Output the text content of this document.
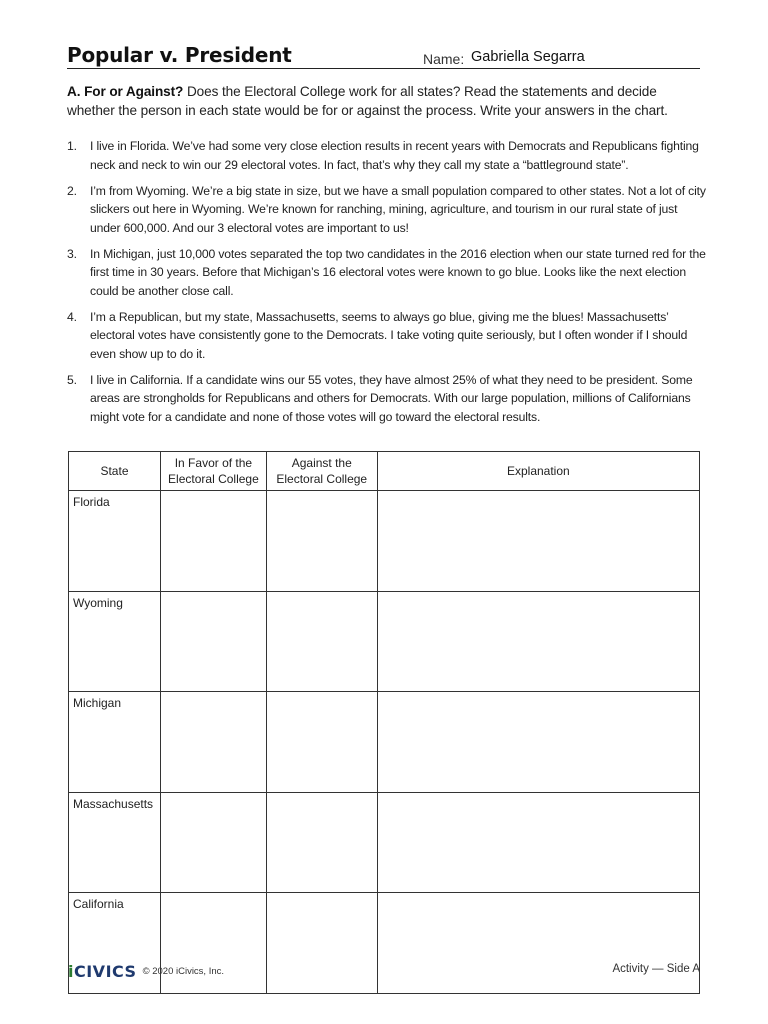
Popular v. President	Name: Gabriella Segarra
A. For or Against? Does the Electoral College work for all states? Read the statements and decide whether the person in each state would be for or against the process. Write your answers in the chart.
1. I live in Florida. We’ve had some very close election results in recent years with Democrats and Republicans fighting neck and neck to win our 29 electoral votes. In fact, that’s why they call my state a “battleground state”.
2. I’m from Wyoming. We’re a big state in size, but we have a small population compared to other states. Not a lot of city slickers out here in Wyoming. We’re known for ranching, mining, agriculture, and tourism in our rural state of just under 600,000. And our 3 electoral votes are important to us!
3. In Michigan, just 10,000 votes separated the top two candidates in the 2016 election when our state turned red for the first time in 30 years. Before that Michigan’s 16 electoral votes were known to go blue. Looks like the next election could be another close call.
4. I’m a Republican, but my state, Massachusetts, seems to always go blue, giving me the blues! Massachusetts’ electoral votes have consistently gone to the Democrats. I take voting quite seriously, but I often wonder if I should even show up to do it.
5. I live in California. If a candidate wins our 55 votes, they have almost 25% of what they need to be president. Some areas are strongholds for Republicans and others for Democrats. With our large population, millions of Californians might vote for a candidate and none of those votes will go toward the electoral results.
State	In Favor of the Electoral College	Against the Electoral College	Explanation
Florida			
Wyoming			
Michigan			
Massachusetts			
California			
iCIVICS © 2020 iCivics, Inc.	Activity — Side A
